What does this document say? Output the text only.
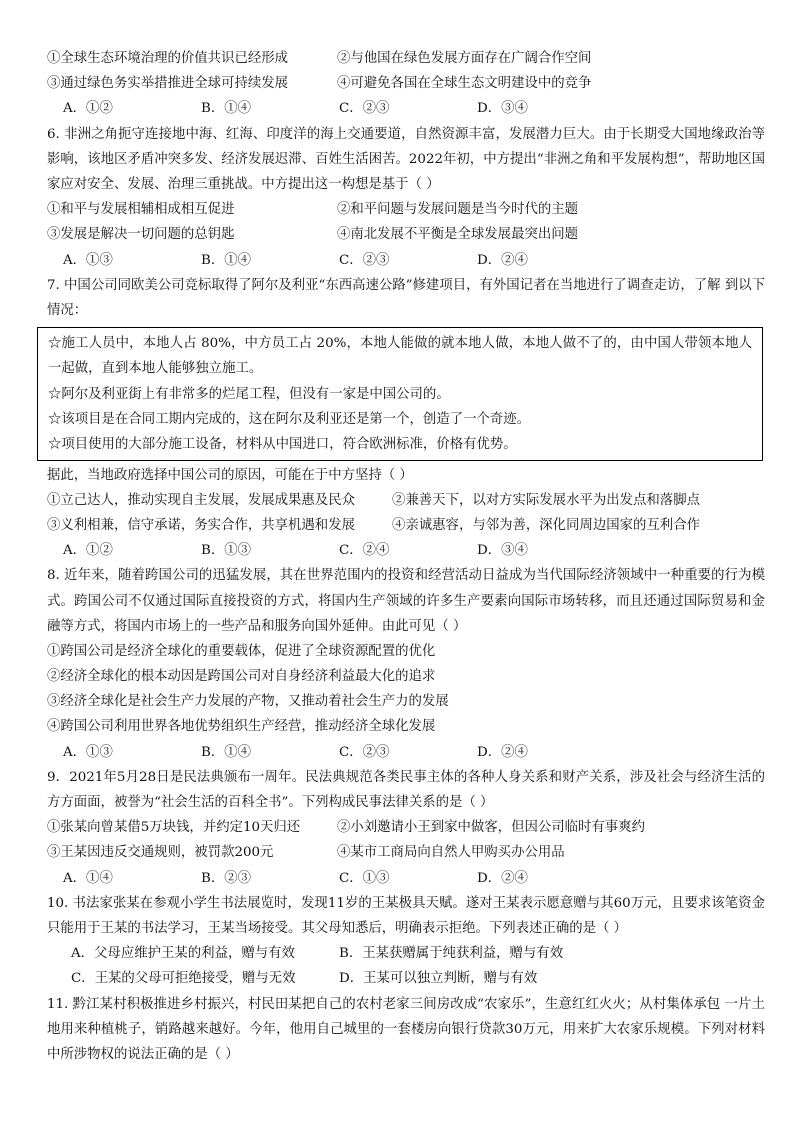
①全球生态环境治理的价值共识已经形成	②与他国在绿色发展方面存在广阔合作空间
③通过绿色务实举措推进全球可持续发展	④可避免各国在全球生态文明建设中的竞争
A．①②	B．①④	C．②③	D．③④
6. 非洲之角扼守连接地中海、红海、印度洋的海上交通要道，自然资源丰富，发展潜力巨大。由于长期受大国地缘政治等影响，该地区矛盾冲突多发、经济发展迟滞、百姓生活困苦。2022年初，中方提出“非洲之角和平发展构想”，帮助地区国家应对安全、发展、治理三重挑战。中方提出这一构想是基于（ ）
①和平与发展相辅相成相互促进	②和平问题与发展问题是当今时代的主题
③发展是解决一切问题的总钥匙	④南北发展不平衡是全球发展最突出问题
A．①③	B．①④	C．②③	D．②④
7. 中国公司同欧美公司竞标取得了阿尔及利亚“东西高速公路”修建项目，有外国记者在当地进行了调查走访，了解 到以下情况：
☆施工人员中，本地人占 80%，中方员工占 20%，本地人能做的就本地人做，本地人做不了的，由中国人带领本地人一起做，直到本地人能够独立施工。
☆阿尔及利亚街上有非常多的烂尾工程，但没有一家是中国公司的。
☆该项目是在合同工期内完成的，这在阿尔及利亚还是第一个，创造了一个奇迹。
☆项目使用的大部分施工设备，材料从中国进口，符合欧洲标准，价格有优势。
据此，当地政府选择中国公司的原因，可能在于中方坚持（ ）
①立己达人，推动实现自主发展，发展成果惠及民众	②兼善天下，以对方实际发展水平为出发点和落脚点
③义利相兼，信守承诺，务实合作，共享机遇和发展	④亲诚惠容，与邻为善，深化同周边国家的互利合作
A．①②	B．①③	C．②④	D．③④
8. 近年来，随着跨国公司的迅猛发展，其在世界范围内的投资和经营活动日益成为当代国际经济领域中一种重要的行为模式。跨国公司不仅通过国际直接投资的方式，将国内生产领域的许多生产要素向国际市场转移，而且还通过国际贸易和金融等方式，将国内市场上的一些产品和服务向国外延伸。由此可见（ ）
①跨国公司是经济全球化的重要载体，促进了全球资源配置的优化
②经济全球化的根本动因是跨国公司对自身经济利益最大化的追求
③经济全球化是社会生产力发展的产物，又推动着社会生产力的发展
④跨国公司利用世界各地优势组织生产经营，推动经济全球化发展
A．①③	B．①④	C．②③	D．②④
9．2021年5月28日是民法典颁布一周年。民法典规范各类民事主体的各种人身关系和财产关系，涉及社会与经济生活的方方面面，被誉为“社会生活的百科全书”。下列构成民事法律关系的是（ ）
①张某向曾某借5万块钱，并约定10天归还	②小刘邀请小王到家中做客，但因公司临时有事爽约
③王某因违反交通规则，被罚款200元	④某市工商局向自然人甲购买办公用品
A．①④	B．②③	C．①③	D．②④
10. 书法家张某在参观小学生书法展览时，发现11岁的王某极具天赋。遂对王某表示愿意赠与其60万元，且要求该笔资金只能用于王某的书法学习，王某当场接受。其父母知悉后，明确表示拒绝。下列表述正确的是（ ）
A．父母应维护王某的利益，赠与有效	B．王某获赠属于纯获利益，赠与有效
C．王某的父母可拒绝接受，赠与无效	D．王某可以独立判断，赠与有效
11. 黔江某村积极推进乡村振兴，村民田某把自己的农村老家三间房改成“农家乐”，生意红红火火；从村集体承包 一片土地用来种植桃子，销路越来越好。今年，他用自己城里的一套楼房向银行贷款30万元，用来扩大农家乐规模。下列对材料中所涉物权的说法正确的是（ ）
